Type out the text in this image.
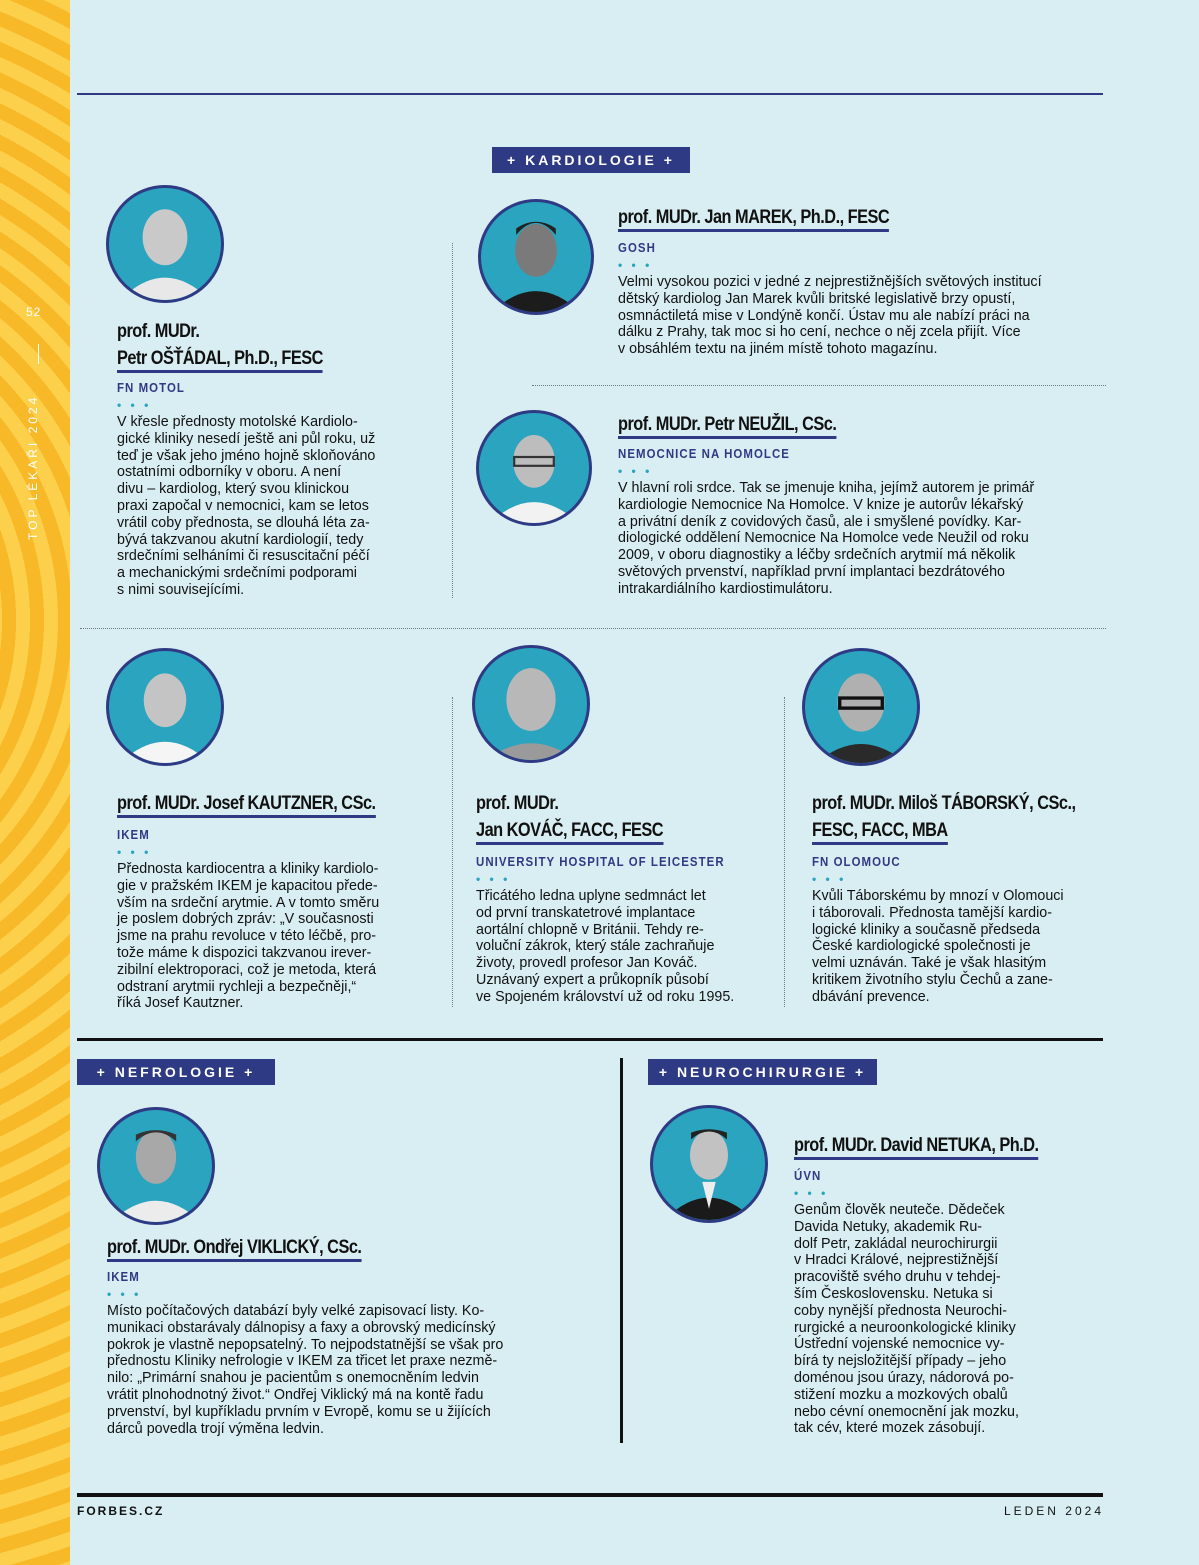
52
TOP LÉKAŘI 2024
+ KARDIOLOGIE +
prof. MUDr.
Petr OŠŤÁDAL, Ph.D., FESC
FN MOTOL
• • •

V křesle přednosty motolské Kardiolo-
gické kliniky nesedí ještě ani půl roku, už
teď je však jeho jméno hojně skloňováno
ostatními odborníky v oboru. A není
divu – kardiolog, který svou klinickou
praxi započal v nemocnici, kam se letos
vrátil coby přednosta, se dlouhá léta za-
bývá takzvanou akutní kardiologií, tedy
srdečními selháními či resuscitační péčí
a mechanickými srdečními podporami
s nimi souvisejícími.

prof. MUDr. Jan MAREK, Ph.D., FESC
GOSH
• • •

Velmi vysokou pozici v jedné z nejprestižnějších světových institucí
dětský kardiolog Jan Marek kvůli britské legislativě brzy opustí,
osmnáctiletá mise v Londýně končí. Ústav mu ale nabízí práci na
dálku z Prahy, tak moc si ho cení, nechce o něj zcela přijít. Více
v obsáhlém textu na jiném místě tohoto magazínu.

prof. MUDr. Petr NEUŽIL, CSc.
NEMOCNICE NA HOMOLCE
• • •

V hlavní roli srdce. Tak se jmenuje kniha, jejímž autorem je primář
kardiologie Nemocnice Na Homolce. V knize je autorův lékařský
a privátní deník z covidových časů, ale i smyšlené povídky. Kar-
diologické oddělení Nemocnice Na Homolce vede Neužil od roku
2009, v oboru diagnostiky a léčby srdečních arytmií má několik
světových prvenství, například první implantaci bezdrátového
intrakardiálního kardiostimulátoru.

prof. MUDr. Josef KAUTZNER, CSc.
IKEM
• • •

Přednosta kardiocentra a kliniky kardiolo-
gie v pražském IKEM je kapacitou přede-
vším na srdeční arytmie. A v tomto směru
je poslem dobrých zpráv: „V současnosti
jsme na prahu revoluce v této léčbě, pro-
tože máme k dispozici takzvanou irever-
zibilní elektroporaci, což je metoda, která
odstraní arytmii rychleji a bezpečněji,“
říká Josef Kautzner.

prof. MUDr.
Jan KOVÁČ, FACC, FESC
UNIVERSITY HOSPITAL OF LEICESTER
• • •

Třicátého ledna uplyne sedmnáct let
od první transkatetrové implantace
aortální chlopně v Británii. Tehdy re-
voluční zákrok, který stále zachraňuje
životy, provedl profesor Jan Kováč.
Uznávaný expert a průkopník působí
ve Spojeném království už od roku 1995.

prof. MUDr. Miloš TÁBORSKÝ, CSc.,
FESC, FACC, MBA
FN OLOMOUC
• • •

Kvůli Táborskému by mnozí v Olomouci
i táborovali. Přednosta tamější kardio-
logické kliniky a současně předseda
České kardiologické společnosti je
velmi uznáván. Také je však hlasitým
kritikem životního stylu Čechů a zane-
dbávání prevence.

+ NEFROLOGIE +
prof. MUDr. Ondřej VIKLICKÝ, CSc.
IKEM
• • •

Místo počítačových databází byly velké zapisovací listy. Ko-
munikaci obstarávaly dálnopisy a faxy a obrovský medicínský
pokrok je vlastně nepopsatelný. To nejpodstatnější se však pro
přednostu Kliniky nefrologie v IKEM za třicet let praxe nezmě-
nilo: „Primární snahou je pacientům s onemocněním ledvin
vrátit plnohodnotný život.“ Ondřej Viklický má na kontě řadu
prvenství, byl kupříkladu prvním v Evropě, komu se u žijících
dárců povedla trojí výměna ledvin.

+ NEUROCHIRURGIE +
prof. MUDr. David NETUKA, Ph.D.
ÚVN
• • •

Genům člověk neuteče. Dědeček
Davida Netuky, akademik Ru-
dolf Petr, zakládal neurochirurgii
v Hradci Králové, nejprestižnější
pracoviště svého druhu v tehdej-
ším Československu. Netuka si
coby nynější přednosta Neurochi-
rurgické a neuroonkologické kliniky
Ústřední vojenské nemocnice vy-
bírá ty nejsložitější případy – jeho
doménou jsou úrazy, nádorová po-
stižení mozku a mozkových obalů
nebo cévní onemocnění jak mozku,
tak cév, které mozek zásobují.

FORBES.CZ	LEDEN 2024
